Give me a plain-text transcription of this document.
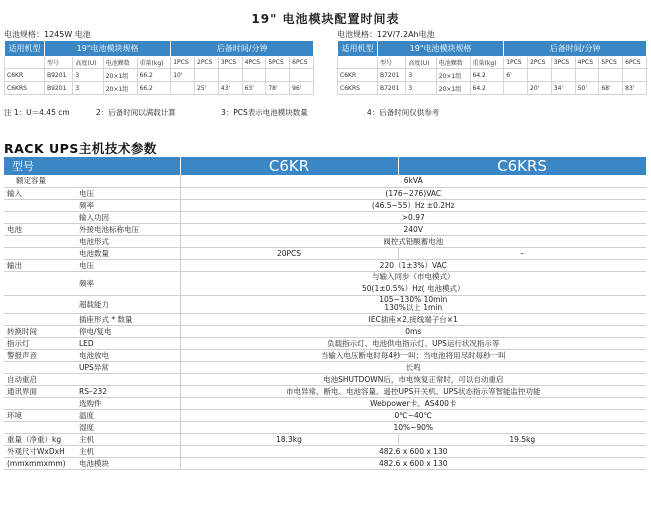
19" 电池模块配置时间表
电池规格：1245W 电池
适用机型	19"电池模块规格				后备时间/分钟					
	型号	高度(U)	电池颗数	重量(kg)	1PCS	2PCS	3PCS	4PCS	5PCS	6PCS
C6KR	B9201	3	20×1组	66.2	10'					
C6KRS	B9201	3	20×1组	66.2		25'	43'	63'	78'	96'
电池规格：12V/7.2Ah电池
适用机型	19"电池模块规格				后备时间/分钟					
	型号	高度(U)	电池颗数	重量(kg)	1PCS	2PCS	3PCS	4PCS	5PCS	6PCS
C6KR	B7201	3	20×1组	64.2	6'					
C6KRS	B7201	3	20×1组	64.2		20'	34'	50'	68'	83'
注 1：U＝4.45 cm	2：后备时间以满载计算	3：PCS表示电池模块数量	4：后备时间仅供参考
RACK UPS主机技术参数
型号		C6KR	C6KRS
额定容量		6kVA	
输入	电压	(176~276)VAC	
	频率	(46.5~55）Hz ±0.2Hz	
	输入功因	>0.97	
电池	外接电池标称电压	240V	
	电池形式	阀控式铅酸蓄电池	
	电池数量	20PCS	–
输出	电压	220（1±3%）VAC	
	频率	与输入同步（市电模式）
50(1±0.5%）Hz( 电池模式）	

	超载能力	105~130% 10min
130%以上 1min	

	插座形式 * 数量	IEC插座×2,接线端子台×1	
转换时间	停电/复电	0ms	
指示灯	LED	负载指示灯、电池供电指示灯、UPS运行状况指示等	
警报声音	电池放电	当输入电压断电时每4秒一叫；当电池将用尽时每秒一叫	
	UPS异常	长鸣	
自动重启		电池SHUTDOWN后，市电恢复正常时，可以自动重启	
通讯界面	RS–232	市电异常、断电、电池容量、遥控UPS开关机、UPS状态指示等智能监控功能	
	选购件	Webpower卡、AS400卡	
环境	温度	0℃~40℃	
	湿度	10%~90%	
重量（净重）kg	主机	18.3kg	19.5kg
外观尺寸WxDxH	主机	482.6 x 600 x 130	
(mmxmmxmm)	电池模块	482.6 x 600 x 130	
